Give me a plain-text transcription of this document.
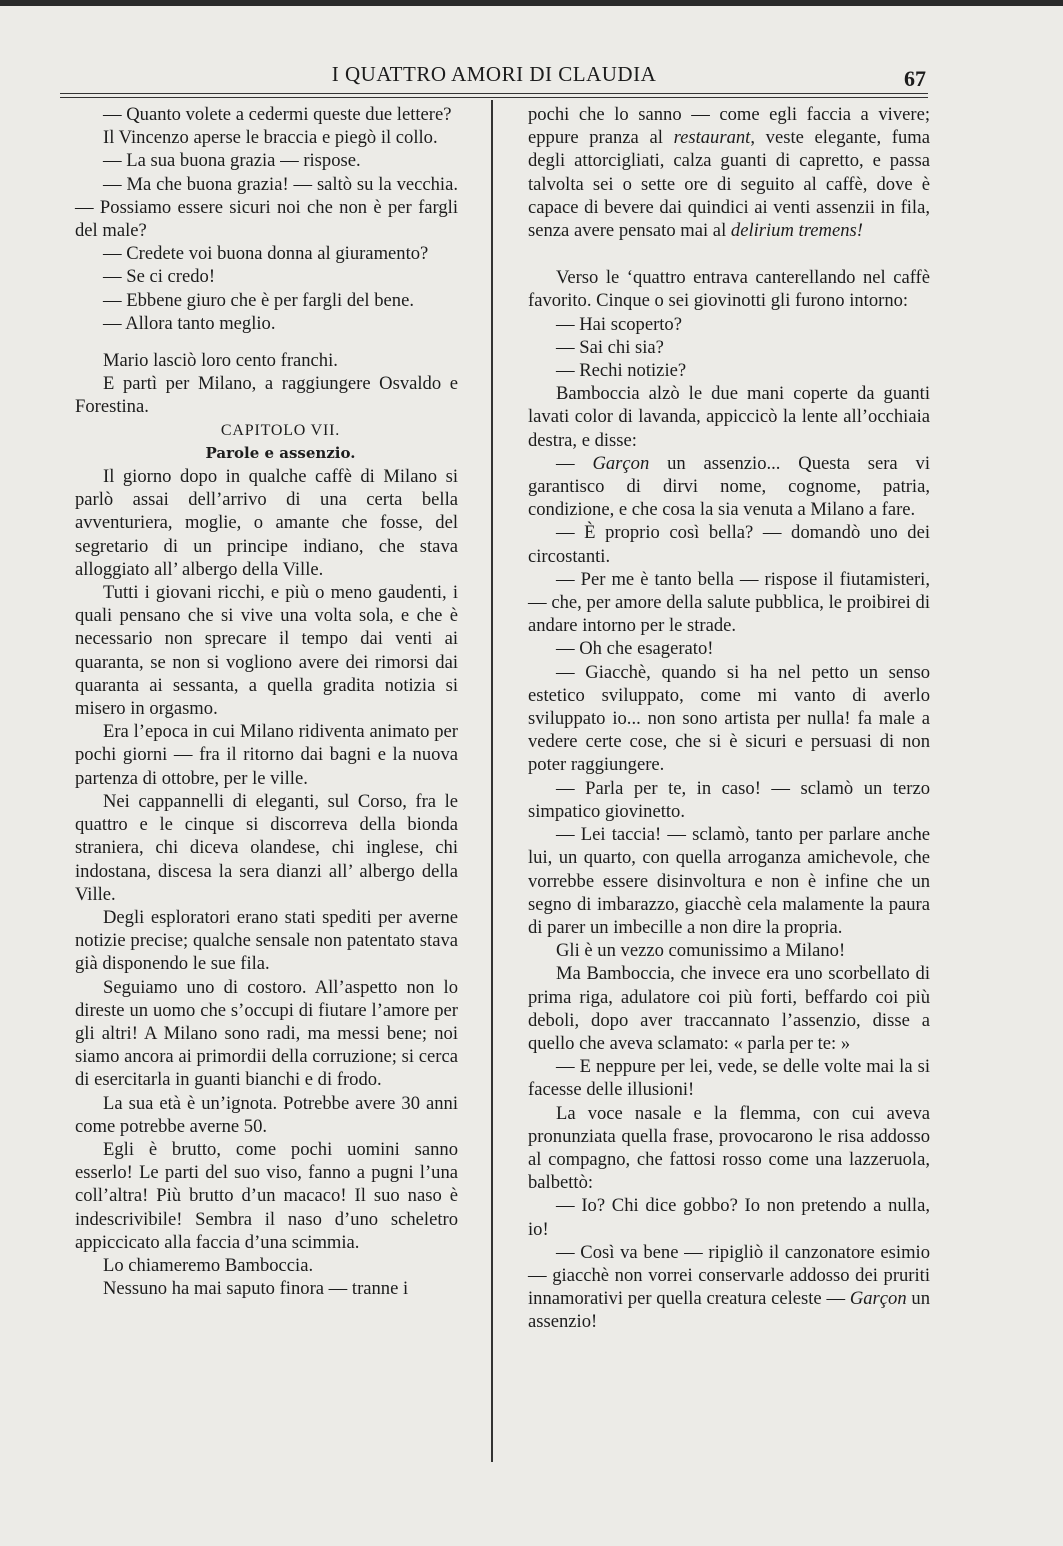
I QUATTRO AMORI DI CLAUDIA	67

— Quanto volete a cedermi queste due lettere?

Il Vincenzo aperse le braccia e piegò il collo.

— La sua buona grazia — rispose.

— Ma che buona grazia! — saltò su la vecchia. — Possiamo essere sicuri noi che non è per fargli del male?

— Credete voi buona donna al giuramento?

— Se ci credo!

— Ebbene giuro che è per fargli del bene.

— Allora tanto meglio.

Mario lasciò loro cento franchi.

E partì per Milano, a raggiungere Osvaldo e Forestina.

CAPITOLO VII.

Parole e assenzio.

Il giorno dopo in qualche caffè di Milano si parlò assai dell’arrivo di una certa bella avventuriera, moglie, o amante che fosse, del segretario di un principe indiano, che stava alloggiato all’ albergo della Ville.

Tutti i giovani ricchi, e più o meno gaudenti, i quali pensano che si vive una volta sola, e che è necessario non sprecare il tempo dai venti ai quaranta, se non si vogliono avere dei rimorsi dai quaranta ai sessanta, a quella gradita notizia si misero in orgasmo.

Era l’epoca in cui Milano ridiventa animato per pochi giorni — fra il ritorno dai bagni e la nuova partenza di ottobre, per le ville.

Nei cappannelli di eleganti, sul Corso, fra le quattro e le cinque si discorreva della bionda straniera, chi diceva olandese, chi inglese, chi indostana, discesa la sera dianzi all’ albergo della Ville.

Degli esploratori erano stati spediti per averne notizie precise; qualche sensale non patentato stava già disponendo le sue fila.

Seguiamo uno di costoro. All’aspetto non lo direste un uomo che s’occupi di fiutare l’amore per gli altri! A Milano sono radi, ma messi bene; noi siamo ancora ai primordii della corruzione; si cerca di esercitarla in guanti bianchi e di frodo.

La sua età è un’ignota. Potrebbe avere 30 anni come potrebbe averne 50.

Egli è brutto, come pochi uomini sanno esserlo! Le parti del suo viso, fanno a pugni l’una coll’altra! Più brutto d’un macaco! Il suo naso è indescrivibile! Sembra il naso d’uno scheletro appiccicato alla faccia d’una scimmia.

Lo chiameremo Bamboccia.

Nessuno ha mai saputo finora — tranne i

pochi che lo sanno — come egli faccia a vivere; eppure pranza al restaurant, veste elegante, fuma degli attorcigliati, calza guanti di capretto, e passa talvolta sei o sette ore di seguito al caffè, dove è capace di bevere dai quindici ai venti assenzii in fila, senza avere pensato mai al delirium tremens!

Verso le ‘quattro entrava canterellando nel caffè favorito. Cinque o sei giovinotti gli furono intorno:

— Hai scoperto?

— Sai chi sia?

— Rechi notizie?

Bamboccia alzò le due mani coperte da guanti lavati color di lavanda, appiccicò la lente all’occhiaia destra, e disse:

— Garçon un assenzio... Questa sera vi garantisco di dirvi nome, cognome, patria, condizione, e che cosa la sia venuta a Milano a fare.

— È proprio così bella? — domandò uno dei circostanti.

— Per me è tanto bella — rispose il fiutamisteri, — che, per amore della salute pubblica, le proibirei di andare intorno per le strade.

— Oh che esagerato!

— Giacchè, quando si ha nel petto un senso estetico sviluppato, come mi vanto di averlo sviluppato io... non sono artista per nulla! fa male a vedere certe cose, che si è sicuri e persuasi di non poter raggiungere.

— Parla per te, in caso! — sclamò un terzo simpatico giovinetto.

— Lei taccia! — sclamò, tanto per parlare anche lui, un quarto, con quella arroganza amichevole, che vorrebbe essere disinvoltura e non è infine che un segno di imbarazzo, giacchè cela malamente la paura di parer un imbecille a non dire la propria.

Gli è un vezzo comunissimo a Milano!

Ma Bamboccia, che invece era uno scorbellato di prima riga, adulatore coi più forti, beffardo coi più deboli, dopo aver traccannato l’assenzio, disse a quello che aveva sclamato: « parla per te: »

— E neppure per lei, vede, se delle volte mai la si facesse delle illusioni!

La voce nasale e la flemma, con cui aveva pronunziata quella frase, provocarono le risa addosso al compagno, che fattosi rosso come una lazzeruola, balbettò:

— Io? Chi dice gobbo? Io non pretendo a nulla, io!

— Così va bene — ripigliò il canzonatore esimio — giacchè non vorrei conservarle addosso dei pruriti innamorativi per quella creatura celeste — Garçon un assenzio!
